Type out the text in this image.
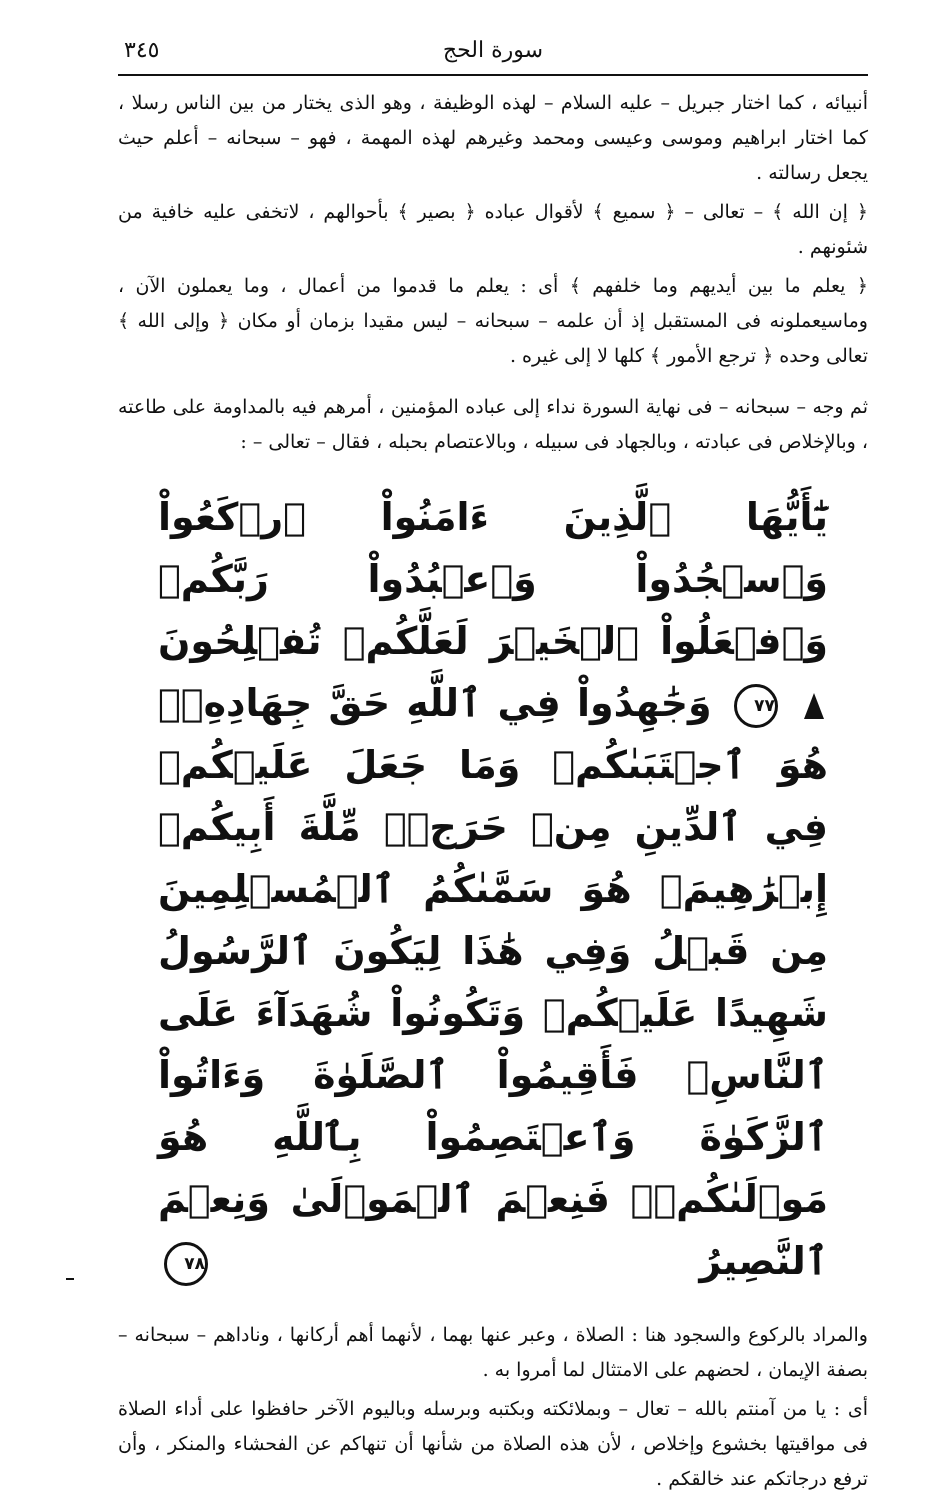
سورة الحج
٣٤٥

أنبيائه ، كما اختار جبريل – عليه السلام – لهذه الوظيفة ، وهو الذى يختار من بين الناس رسلا ، كما اختار ابراهيم وموسى وعيسى ومحمد وغيرهم لهذه المهمة ، فهو – سبحانه – أعلم حيث يجعل رسالته .

﴿ إن الله ﴾ – تعالى – ﴿ سميع ﴾ لأقوال عباده ﴿ بصير ﴾ بأحوالهم ، لاتخفى عليه خافية من شئونهم .

﴿ يعلم ما بين أيديهم وما خلفهم ﴾ أى : يعلم ما قدموا من أعمال ، وما يعملون الآن ، وماسيعملونه فى المستقبل إذ أن علمه – سبحانه – ليس مقيدا بزمان أو مكان ﴿ وإلى الله ﴾ تعالى وحده ﴿ ترجع الأمور ﴾ كلها لا إلى غيره .

ثم وجه – سبحانه – فى نهاية السورة نداء إلى عباده المؤمنين ، أمرهم فيه بالمداومة على طاعته ، وبالإخلاص فى عبادته ، وبالجهاد فى سبيله ، وبالاعتصام بحبله ، فقال – تعالى – :

يَٰٓأَيُّهَا ٱلَّذِينَ ءَامَنُواْ ٱرۡكَعُواْ وَٱسۡجُدُواْ وَٱعۡبُدُواْ رَبَّكُمۡ وَٱفۡعَلُواْ ٱلۡخَيۡرَ لَعَلَّكُمۡ تُفۡلِحُونَ  ٧٧ وَجَٰهِدُواْ فِي ٱللَّهِ حَقَّ جِهَادِهِۦۚ هُوَ ٱجۡتَبَىٰكُمۡ وَمَا جَعَلَ عَلَيۡكُمۡ فِي ٱلدِّينِ مِنۡ حَرَجٖۚ مِّلَّةَ أَبِيكُمۡ إِبۡرَٰهِيمَۚ هُوَ سَمَّىٰكُمُ ٱلۡمُسۡلِمِينَ مِن قَبۡلُ وَفِي هَٰذَا لِيَكُونَ ٱلرَّسُولُ شَهِيدًا عَلَيۡكُمۡ وَتَكُونُواْ شُهَدَآءَ عَلَى ٱلنَّاسِۚ فَأَقِيمُواْ ٱلصَّلَوٰةَ وَءَاتُواْ ٱلزَّكَوٰةَ وَٱعۡتَصِمُواْ بِٱللَّهِ هُوَ مَوۡلَىٰكُمۡۖ فَنِعۡمَ ٱلۡمَوۡلَىٰ وَنِعۡمَ ٱلنَّصِيرُ ٧٨

والمراد بالركوع والسجود هنا : الصلاة ، وعبر عنها بهما ، لأنهما أهم أركانها ، وناداهم – سبحانه – بصفة الإيمان ، لحضهم على الامتثال لما أمروا به .

أى : يا من آمنتم بالله – تعال – وبملائكته وبكتبه وبرسله وباليوم الآخر حافظوا على أداء الصلاة فى مواقيتها بخشوع وإخلاص ، لأن هذه الصلاة من شأنها أن تنهاكم عن الفحشاء والمنكر ، وأن ترفع درجاتكم عند خالقكم .
